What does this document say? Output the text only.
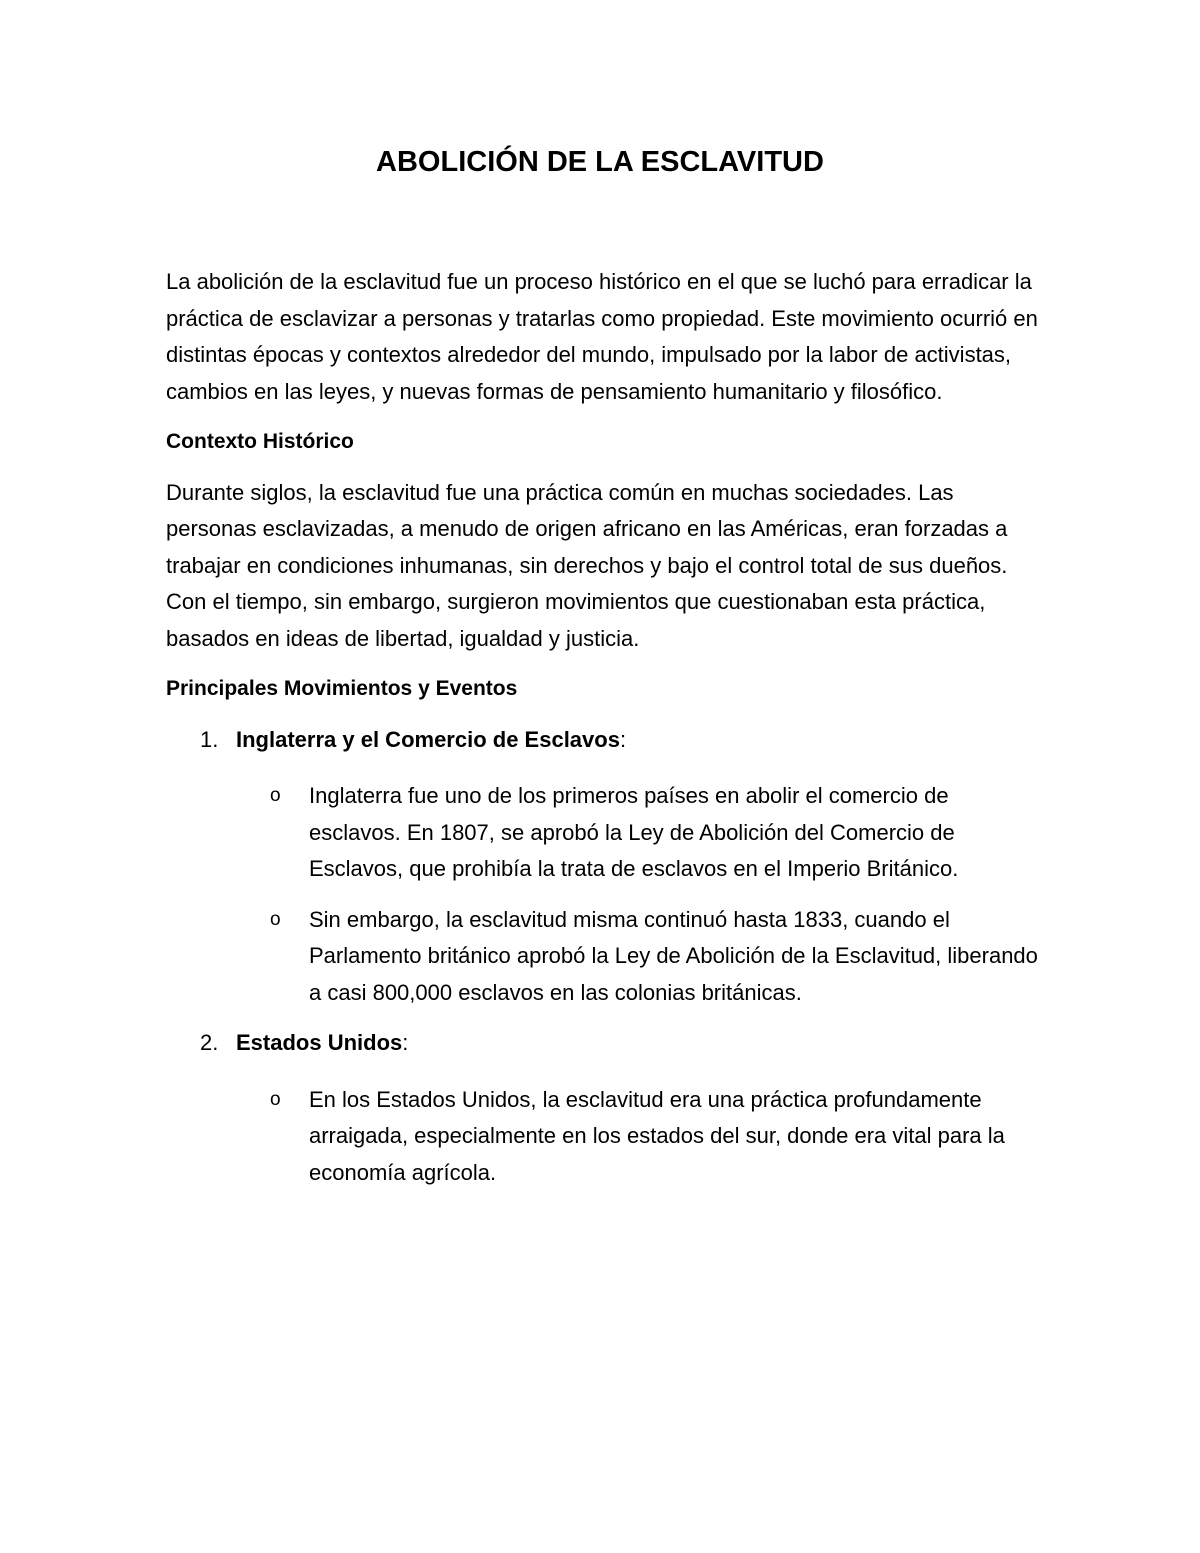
ABOLICIÓN DE LA ESCLAVITUD

La abolición de la esclavitud fue un proceso histórico en el que se luchó para erradicar la práctica de esclavizar a personas y tratarlas como propiedad. Este movimiento ocurrió en distintas épocas y contextos alrededor del mundo, impulsado por la labor de activistas, cambios en las leyes, y nuevas formas de pensamiento humanitario y filosófico.

Contexto Histórico

Durante siglos, la esclavitud fue una práctica común en muchas sociedades. Las personas esclavizadas, a menudo de origen africano en las Américas, eran forzadas a trabajar en condiciones inhumanas, sin derechos y bajo el control total de sus dueños. Con el tiempo, sin embargo, surgieron movimientos que cuestionaban esta práctica, basados en ideas de libertad, igualdad y justicia.

Principales Movimientos y Eventos

1. Inglaterra y el Comercio de Esclavos:
o Inglaterra fue uno de los primeros países en abolir el comercio de esclavos. En 1807, se aprobó la Ley de Abolición del Comercio de Esclavos, que prohibía la trata de esclavos en el Imperio Británico.
o Sin embargo, la esclavitud misma continuó hasta 1833, cuando el Parlamento británico aprobó la Ley de Abolición de la Esclavitud, liberando a casi 800,000 esclavos en las colonias británicas.
2. Estados Unidos:
o En los Estados Unidos, la esclavitud era una práctica profundamente arraigada, especialmente en los estados del sur, donde era vital para la economía agrícola.
